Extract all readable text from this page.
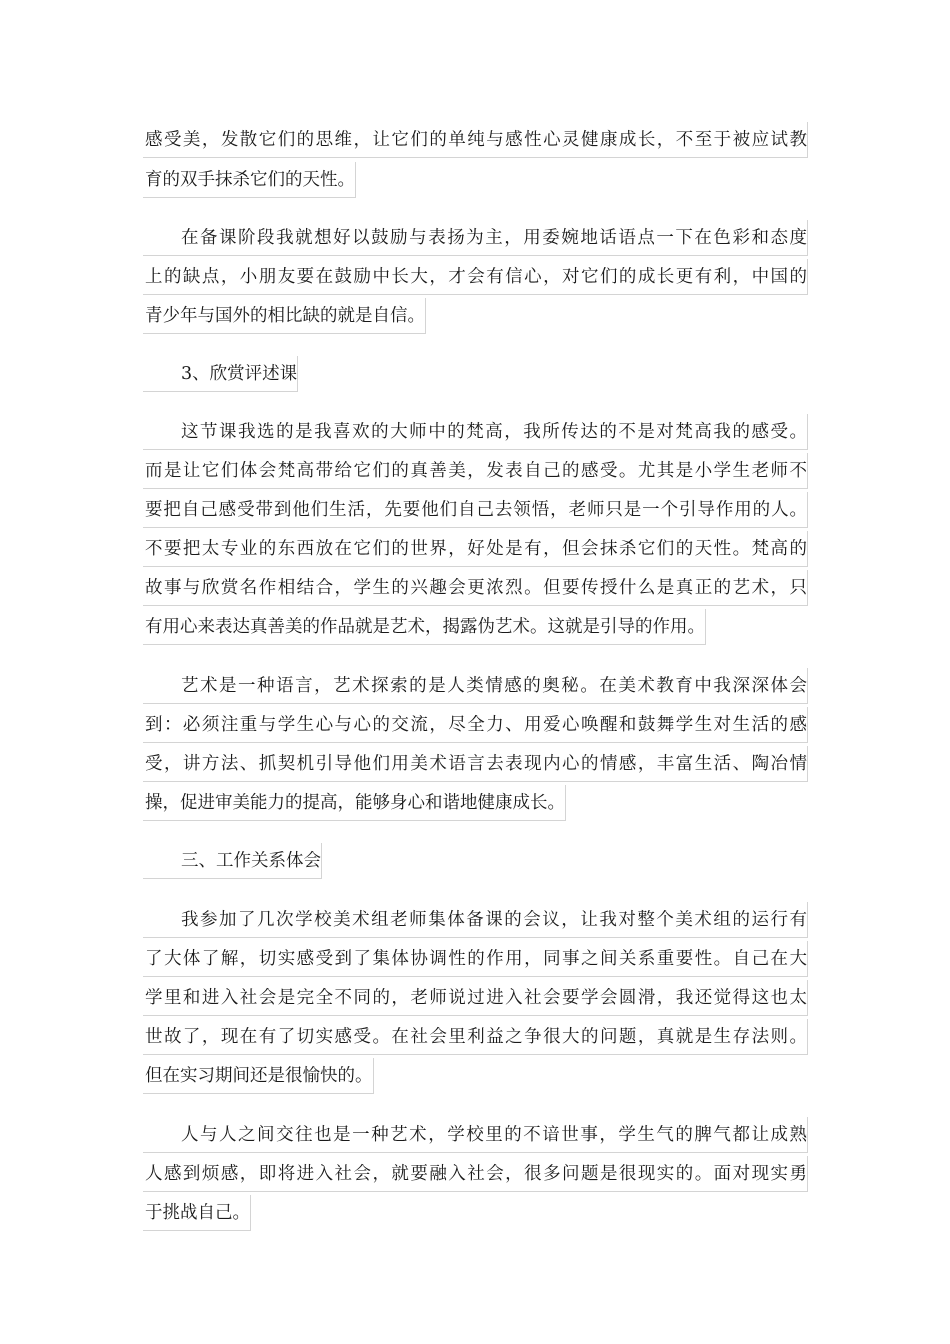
感受美，发散它们的思维，让它们的单纯与感性心灵健康成长，不至于被应试教
育的双手抹杀它们的天性。
在备课阶段我就想好以鼓励与表扬为主，用委婉地话语点一下在色彩和态度
上的缺点，小朋友要在鼓励中长大，才会有信心，对它们的成长更有利，中国的
青少年与国外的相比缺的就是自信。
3、欣赏评述课
这节课我选的是我喜欢的大师中的梵高，我所传达的不是对梵高我的感受。
而是让它们体会梵高带给它们的真善美，发表自己的感受。尤其是小学生老师不
要把自己感受带到他们生活，先要他们自己去领悟，老师只是一个引导作用的人。
不要把太专业的东西放在它们的世界，好处是有，但会抹杀它们的天性。梵高的
故事与欣赏名作相结合，学生的兴趣会更浓烈。但要传授什么是真正的艺术，只
有用心来表达真善美的作品就是艺术，揭露伪艺术。这就是引导的作用。
艺术是一种语言，艺术探索的是人类情感的奥秘。在美术教育中我深深体会
到：必须注重与学生心与心的交流，尽全力、用爱心唤醒和鼓舞学生对生活的感
受，讲方法、抓契机引导他们用美术语言去表现内心的情感，丰富生活、陶冶情
操，促进审美能力的提高，能够身心和谐地健康成长。
三、工作关系体会
我参加了几次学校美术组老师集体备课的会议，让我对整个美术组的运行有
了大体了解，切实感受到了集体协调性的作用，同事之间关系重要性。自己在大
学里和进入社会是完全不同的，老师说过进入社会要学会圆滑，我还觉得这也太
世故了，现在有了切实感受。在社会里利益之争很大的问题，真就是生存法则。
但在实习期间还是很愉快的。
人与人之间交往也是一种艺术，学校里的不谙世事，学生气的脾气都让成熟
人感到烦感，即将进入社会，就要融入社会，很多问题是很现实的。面对现实勇
于挑战自己。
